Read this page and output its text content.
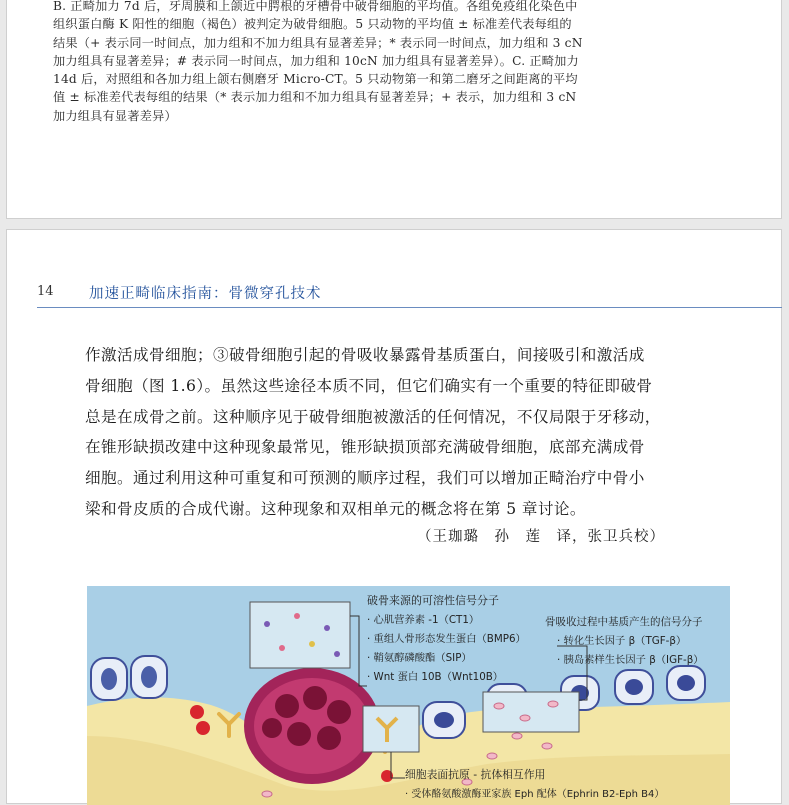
B. 正畸加力 7d 后，牙周膜和上颌近中腭根的牙槽骨中破骨细胞的平均值。各组免疫组化染色中
组织蛋白酶 K 阳性的细胞（褐色）被判定为破骨细胞。5 只动物的平均值 ± 标准差代表每组的
结果（+ 表示同一时间点，加力组和不加力组具有显著差异；* 表示同一时间点，加力组和 3 cN
加力组具有显著差异；# 表示同一时间点，加力组和 10cN 加力组具有显著差异）。C. 正畸加力
14d 后，对照组和各加力组上颌右侧磨牙 Micro-CT。5 只动物第一和第二磨牙之间距离的平均
值 ± 标准差代表每组的结果（* 表示加力组和不加力组具有显著差异；+ 表示，加力组和 3 cN
加力组具有显著差异）
14 加速正畸临床指南：骨微穿孔技术
作激活成骨细胞；③破骨细胞引起的骨吸收暴露骨基质蛋白，间接吸引和激活成
骨细胞（图 1.6）。虽然这些途径本质不同，但它们确实有一个重要的特征即破骨
总是在成骨之前。这种顺序见于破骨细胞被激活的任何情况，不仅局限于牙移动，
在锥形缺损改建中这种现象最常见，锥形缺损顶部充满破骨细胞，底部充满成骨
细胞。通过利用这种可重复和可预测的顺序过程，我们可以增加正畸治疗中骨小
梁和骨皮质的合成代谢。这种现象和双相单元的概念将在第 5 章讨论。
（王珈璐　孙　莲　译，张卫兵校）
破骨来源的可溶性信号分子
· 心肌营养素 -1（CT1）
· 重组人骨形态发生蛋白（BMP6）
· 鞘氨醇磷酸酯（SIP）
· Wnt 蛋白 10B（Wnt10B）
骨吸收过程中基质产生的信号分子
· 转化生长因子 β（TGF-β）
· 胰岛素样生长因子 β（IGF-β）
细胞表面抗原 - 抗体相互作用
· 受体酪氨酸激酶亚家族 Eph 配体（Ephrin B2-Eph B4）
